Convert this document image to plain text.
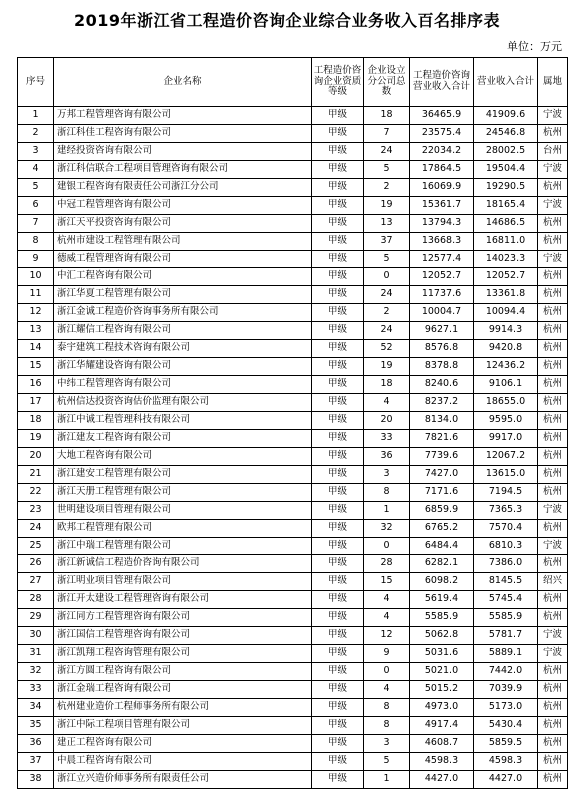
2019年浙江省工程造价咨询企业综合业务收入百名排序表
单位：万元
序号	企业名称	工程造价咨询企业资质等级	企业设立分公司总数	工程造价咨询营业收入合计	营业收入合计	属地
1	万邦工程管理咨询有限公司	甲级	18	36465.9	41909.6	宁波
2	浙江科佳工程咨询有限公司	甲级	7	23575.4	24546.8	杭州
3	建经投资咨询有限公司	甲级	24	22034.2	28002.5	台州
4	浙江科信联合工程项目管理咨询有限公司	甲级	5	17864.5	19504.4	宁波
5	建银工程咨询有限责任公司浙江分公司	甲级	2	16069.9	19290.5	杭州
6	中冠工程管理咨询有限公司	甲级	19	15361.7	18165.4	宁波
7	浙江天平投资咨询有限公司	甲级	13	13794.3	14686.5	杭州
8	杭州市建设工程管理有限公司	甲级	37	13668.3	16811.0	杭州
9	德威工程管理咨询有限公司	甲级	5	12577.4	14023.3	宁波
10	中汇工程咨询有限公司	甲级	0	12052.7	12052.7	杭州
11	浙江华夏工程管理有限公司	甲级	24	11737.6	13361.8	杭州
12	浙江金诚工程造价咨询事务所有限公司	甲级	2	10004.7	10094.4	杭州
13	浙江耀信工程咨询有限公司	甲级	24	9627.1	9914.3	杭州
14	泰宇建筑工程技术咨询有限公司	甲级	52	8576.8	9420.8	杭州
15	浙江华耀建设咨询有限公司	甲级	19	8378.8	12436.2	杭州
16	中纬工程管理咨询有限公司	甲级	18	8240.6	9106.1	杭州
17	杭州信达投资咨询估价监理有限公司	甲级	4	8237.2	18655.0	杭州
18	浙江中诚工程管理科技有限公司	甲级	20	8134.0	9595.0	杭州
19	浙江建友工程咨询有限公司	甲级	33	7821.6	9917.0	杭州
20	大地工程咨询有限公司	甲级	36	7739.6	12067.2	杭州
21	浙江建安工程管理有限公司	甲级	3	7427.0	13615.0	杭州
22	浙江天册工程管理有限公司	甲级	8	7171.6	7194.5	杭州
23	世明建设项目管理有限公司	甲级	1	6859.9	7365.3	宁波
24	欧邦工程管理有限公司	甲级	32	6765.2	7570.4	杭州
25	浙江中瑞工程管理有限公司	甲级	0	6484.4	6810.3	宁波
26	浙江新诚信工程造价咨询有限公司	甲级	28	6282.1	7386.0	杭州
27	浙江明业项目管理有限公司	甲级	15	6098.2	8145.5	绍兴
28	浙江开太建设工程管理咨询有限公司	甲级	4	5619.4	5745.4	杭州
29	浙江同方工程管理咨询有限公司	甲级	4	5585.9	5585.9	杭州
30	浙江国信工程管理咨询有限公司	甲级	12	5062.8	5781.7	宁波
31	浙江凯翔工程咨询管理有限公司	甲级	9	5031.6	5889.1	宁波
32	浙江方圆工程咨询有限公司	甲级	0	5021.0	7442.0	杭州
33	浙江金瑞工程咨询有限公司	甲级	4	5015.2	7039.9	杭州
34	杭州建业造价工程师事务所有限公司	甲级	8	4973.0	5173.0	杭州
35	浙江中际工程项目管理有限公司	甲级	8	4917.4	5430.4	杭州
36	建正工程咨询有限公司	甲级	3	4608.7	5859.5	杭州
37	中晨工程咨询有限公司	甲级	5	4598.3	4598.3	杭州
38	浙江立兴造价师事务所有限责任公司	甲级	1	4427.0	4427.0	杭州
